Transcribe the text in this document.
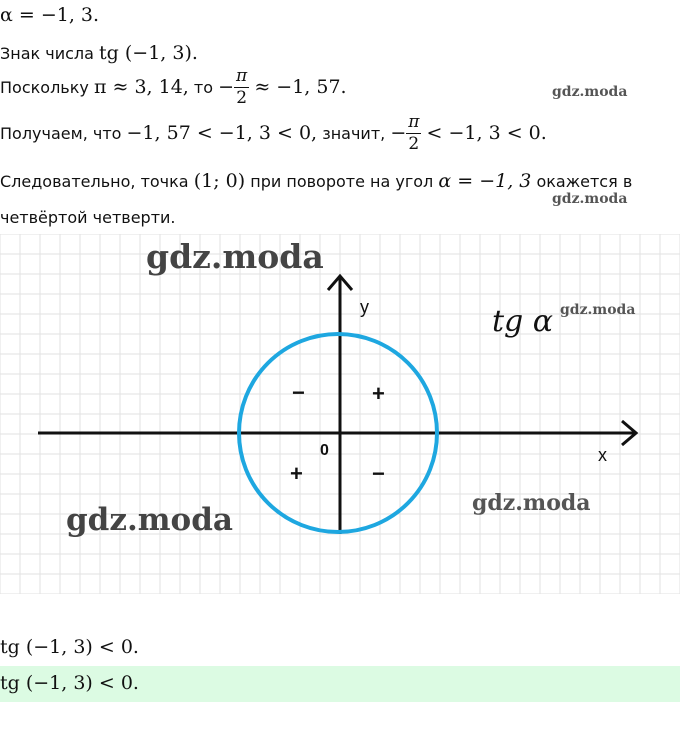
α = −1, 3.
Знак числа tg (−1, 3).
Поскольку
π ≈ 3, 14,
то
− $\frac{\pi}{2}$
≈ −1, 57.
Получаем, что
−1, 57 < −1, 3 < 0,
значит,
− $\frac{\pi}{2}$
< −1, 3 < 0.
Следовательно, точка (1; 0) при повороте на угол α = −1, 3 окажется в
четвёртой четверти.
gdz.moda
gdz.moda
y
x
0
+
−
+	−
tg α gdz.moda
gdz.moda
gdz.moda	gdz.moda
tg (−1, 3) < 0.
tg (−1, 3) < 0.
